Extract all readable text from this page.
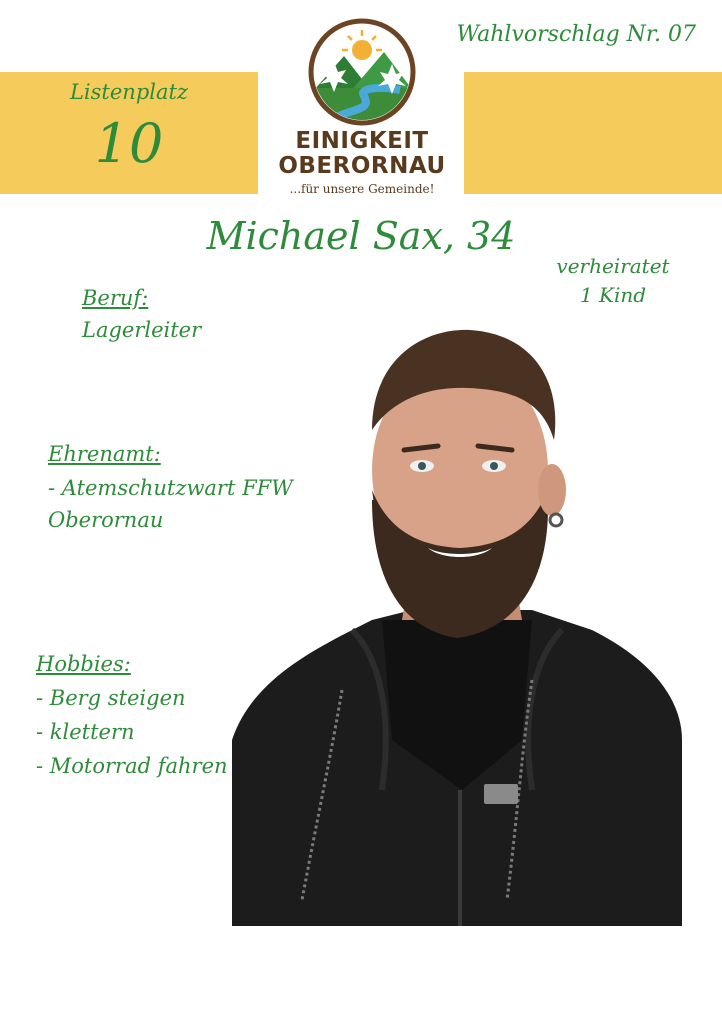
Listenplatz
10
Wahlvorschlag Nr. 07
EINIGKEIT
OBERORNAU
...für unsere Gemeinde!
Michael Sax, 34
verheiratet
1 Kind
Beruf:
Lagerleiter
Ehrenamt:
- Atemschutzwart FFW
Oberornau
Hobbies:
- Berg steigen
- klettern
- Motorrad fahren
